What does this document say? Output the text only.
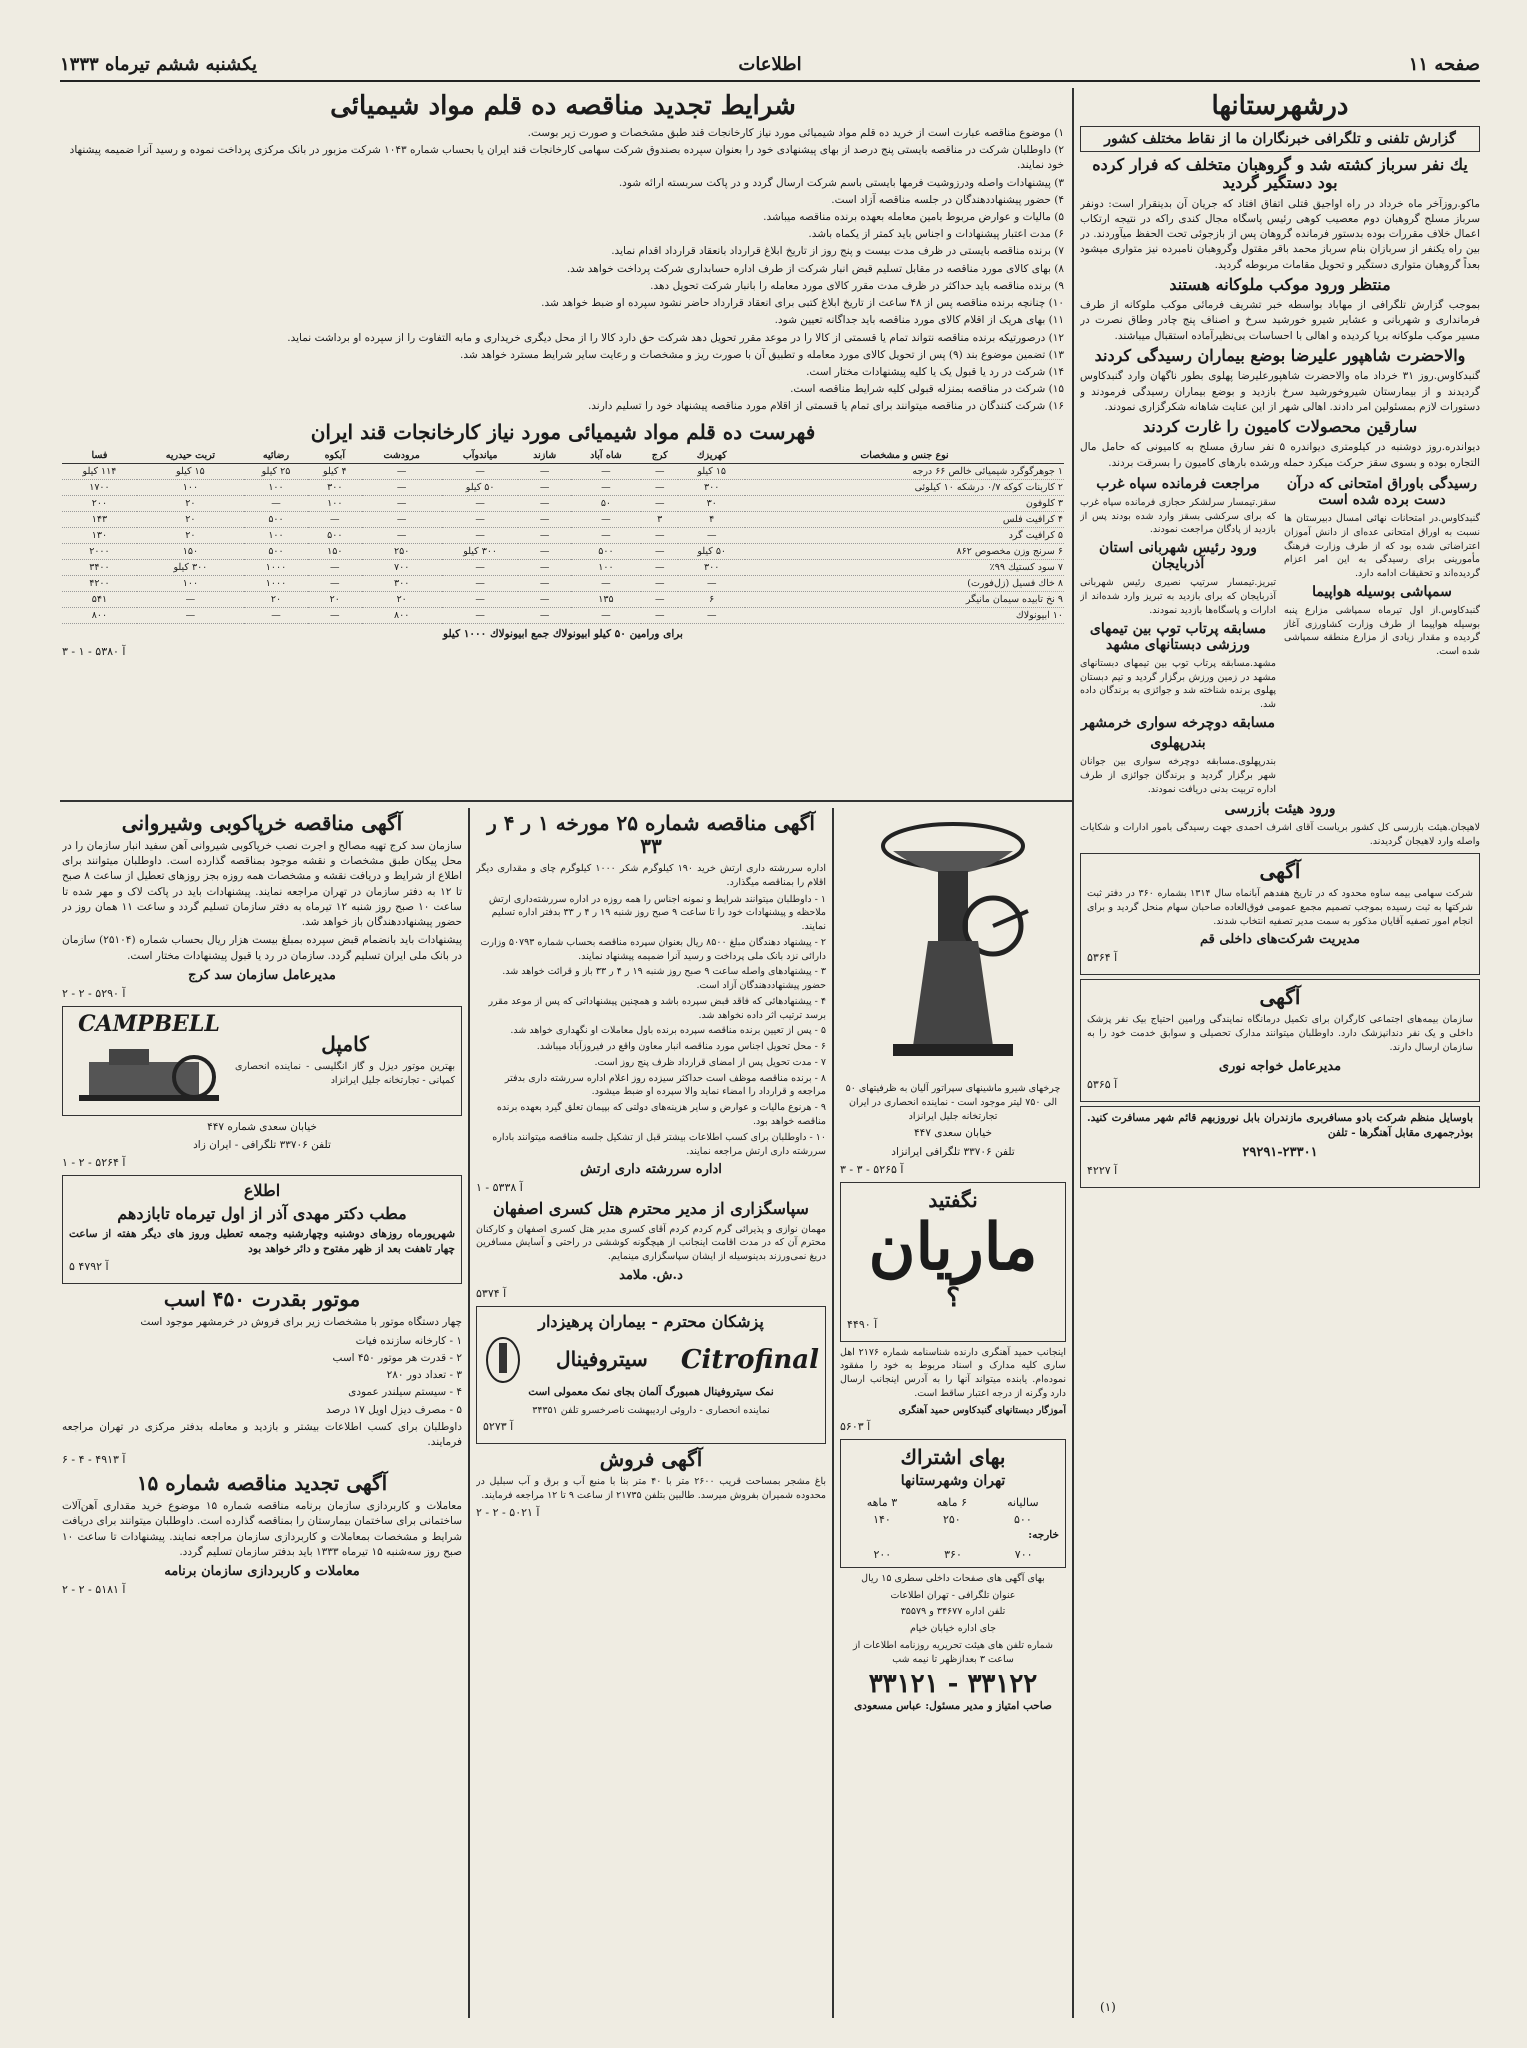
صفحه ۱۱
اطلاعات
یکشنبه ششم تیرماه ۱۳۳۳
درشهرستانها
گزارش تلفنی و تلگرافی خبرنگاران ما از نقاط مختلف کشور
یك نفر سرباز کشته شد و گروهبان متخلف که فرار کرده بود دستگیر گردید

ماکو.روزآخر ماه خرداد در راه اواجیق قتلی اتفاق افتاد که جریان آن بدینقرار است: دونفر سرباز مسلح گروهبان دوم معصیب کوهی رئیس پاسگاه مجال کندی راکه در نتیجه ارتکاب اعمال خلاف مقررات بوده بدستور فرمانده گروهان پس از بازجوئی تحت الحفظ میآوردند. در بین راه یکنفر از سربازان بنام سرباز محمد باقر مقتول وگروهبان نامبرده نیز متواری میشود بعداً گروهبان متواری دستگیر و تحویل مقامات مربوطه گردید.

منتظر ورود موکب ملوکانه هستند

بموجب گزارش تلگرافی از مهاباد بواسطه خبر تشریف فرمائی موکب ملوکانه از طرف فرمانداری و شهربانی و عشایر شیرو خورشید سرخ و اصناف پنج چادر وطاق نصرت در مسیر موکب ملوکانه برپا کردیده و اهالی با احساسات بی‌نظیرآماده استقبال میباشند.

والاحضرت شاهپور علیرضا بوضع بیماران رسیدگی کردند

گنبدکاوس.روز ۳۱ خرداد ماه والاحضرت شاهپورعلیرضا پهلوی بطور ناگهان وارد گنبدکاوس گردیدند و از بیمارستان شیروخورشید سرخ بازدید و بوضع بیماران رسیدگی فرمودند و دستورات لازم بمسئولین امر دادند. اهالی شهر از این عنایت شاهانه شکرگزاری نمودند.

سارقین محصولات کامیون را غارت کردند

دیواندره.روز دوشنبه در کیلومتری دیواندره ۵ نفر سارق مسلح به کامیونی که حامل مال التجاره بوده و بسوی سقز حرکت میکرد حمله ورشده بارهای کامیون را بسرقت بردند.

رسیدگی باوراق امتحانی که درآن دست برده شده است

گنبدکاوس.در امتحانات نهائی امسال دبیرستان ها نسبت به اوراق امتحانی عده‌ای از دانش آموزان اعتراضاتی شده بود که از طرف وزارت فرهنگ مأمورینی برای رسیدگی به این امر اعزام گردیده‌اند و تحقیقات ادامه دارد.

سمپاشی بوسیله هواپیما

گنبدکاوس.از اول تیرماه سمپاشی مزارع پنبه بوسیله هواپیما از طرف وزارت کشاورزی آغاز گردیده و مقدار زیادی از مزارع منطقه سمپاشی شده است.

مراجعت فرمانده سپاه غرب

سقز.تیمسار سرلشکر حجازی فرمانده سپاه غرب که برای سرکشی بسقز وارد شده بودند پس از بازدید از پادگان مراجعت نمودند.

ورود رئیس شهربانی استان آذربایجان

تبریز.تیمسار سرتیپ نصیری رئیس شهربانی آذربایجان که برای بازدید به تبریز وارد شده‌اند از ادارات و پاسگاه‌ها بازدید نمودند.

مسابقه پرتاب توپ بین تیمهای ورزشی دبستانهای مشهد

مشهد.مسابقه پرتاب توپ بین تیمهای دبستانهای مشهد در زمین ورزش برگزار گردید و تیم دبستان پهلوی برنده شناخته شد و جوائزی به برندگان داده شد.

مسابقه دوچرخه سواری خرمشهر
بندرپهلوی

بندرپهلوی.مسابقه دوچرخه سواری بین جوانان شهر برگزار گردید و برندگان جوائزی از طرف اداره تربیت بدنی دریافت نمودند.

ورود هیئت بازرسی

لاهیجان.هیئت بازرسی کل کشور بریاست آقای اشرف احمدی جهت رسیدگی بامور ادارات و شکایات واصله وارد لاهیجان گردیدند.

آگهی

شرکت سهامی بیمه ساوه محدود که در تاریخ هفدهم آبانماه سال ۱۳۱۴ بشماره ۳۶۰ در دفتر ثبت شرکتها به ثبت رسیده بموجب تصمیم مجمع عمومی فوق‌العاده صاحبان سهام منحل گردید و برای انجام امور تصفیه آقایان مذکور به سمت مدیر تصفیه انتخاب شدند.

مدیریت شرکت‌های داخلی قم
آ ۵۳۶۴
آگهی

سازمان بیمه‌های اجتماعی کارگران برای تکمیل درمانگاه نمایندگی ورامین احتیاج بیک نفر پزشک داخلی و یک نفر دندانپزشک دارد. داوطلبان میتوانند مدارک تحصیلی و سوابق خدمت خود را به سازمان ارسال دارند.

مدیرعامل خواجه نوری
آ ۵۳۶۵

باوسایل منظم شرکت بادو مسافربری مازندران بابل نوروزبهم قائم شهر مسافرت کنید. بوذرجمهری مقابل آهنگرها - تلفن

۲۹۲۹۱-۲۳۳۰۱
آ ۴۲۲۷
شرایط تجدید مناقصه ده قلم مواد شیمیائی
۱) موضوع مناقصه عبارت است از خرید ده قلم مواد شیمیائی مورد نیاز کارخانجات قند طبق مشخصات و صورت زیر بوست.
۲) داوطلبان شرکت در مناقصه بایستی پنج درصد از بهای پیشنهادی خود را بعنوان سپرده بصندوق شرکت سهامی کارخانجات قند ایران یا بحساب شماره ۱۰۴۳ شرکت مزبور در بانک مرکزی پرداخت نموده و رسید آنرا ضمیمه پیشنهاد خود نمایند.
۳) پیشنهادات واصله ودرزوشیت فرمها بایستی باسم شرکت ارسال گردد و در پاکت سربسته ارائه شود.
۴) حضور پیشنهاددهندگان در جلسه مناقصه آزاد است.
۵) مالیات و عوارض مربوط بامین معامله بعهده برنده مناقصه میباشد.
۶) مدت اعتبار پیشنهادات و اجناس باید کمتر از یکماه باشد.
۷) برنده مناقصه بایستی در ظرف مدت بیست و پنج روز از تاریخ ابلاغ قرارداد بانعقاد قرارداد اقدام نماید.
۸) بهای کالای مورد مناقصه در مقابل تسلیم قبض انبار شرکت از طرف اداره حسابداری شرکت پرداخت خواهد شد.
۹) برنده مناقصه باید حداکثر در ظرف مدت مقرر کالای مورد معامله را بانبار شرکت تحویل دهد.
۱۰) چنانچه برنده مناقصه پس از ۴۸ ساعت از تاریخ ابلاغ کتبی برای انعقاد قرارداد حاضر نشود سپرده او ضبط خواهد شد.
۱۱) بهای هریک از اقلام کالای مورد مناقصه باید جداگانه تعیین شود.
۱۲) درصورتیکه برنده مناقصه نتواند تمام یا قسمتی از کالا را در موعد مقرر تحویل دهد شرکت حق دارد کالا را از محل دیگری خریداری و مابه التفاوت را از سپرده او برداشت نماید.
۱۳) تضمین موضوع بند (۹) پس از تحویل کالای مورد معامله و تطبیق آن با صورت ریز و مشخصات و رعایت سایر شرایط مسترد خواهد شد.
۱۴) شرکت در رد یا قبول یک یا کلیه پیشنهادات مختار است.
۱۵) شرکت در مناقصه بمنزله قبولی کلیه شرایط مناقصه است.
۱۶) شرکت کنندگان در مناقصه میتوانند برای تمام یا قسمتی از اقلام مورد مناقصه پیشنهاد خود را تسلیم دارند.
فهرست ده قلم مواد شیمیائی مورد نیاز کارخانجات قند ایران
نوع جنس و مشخصات	کهریزك	کرج	شاه آباد	شازند	میاندوآب	مرودشت	آبکوه	رضائیه	تربت حیدریه	فسا
۱ جوهرگوگرد شیمیائی خالص ۶۶ درجه	۱۵ کیلو	—	—	—	—	—	۴ کیلو	۲۵ کیلو	۱۵ کیلو	۱۱۴ کیلو
۲ کاربنات کوکه ۰/۷ درشکه ۱۰ کیلوئی	۳۰۰	—	—	—	۵۰ کیلو	—	۳۰۰	۱۰۰	۱۰۰	۱۷۰۰
۳ کلوفون	۳۰	—	۵۰	—	—	—	۱۰۰	—	۲۰	۲۰۰
۴ کرافیت فلس	۴	۳	—	—	—	—	—	۵۰۰	۲۰	۱۴۳
۵ کرافیت گرد	—	—	—	—	—	—	۵۰۰	۱۰۰	۲۰	۱۳۰
۶ سرنج وزن مخصوص ۸۶۲	۵۰ کیلو	—	۵۰۰	—	۳۰۰ کیلو	۲۵۰	۱۵۰	۵۰۰	۱۵۰	۲۰۰۰
۷ سود کستیك ۹۹٪	۳۰۰	—	۱۰۰	—	—	۷۰۰	—	۱۰۰۰	۳۰۰ کیلو	۳۴۰۰
۸ خاك فسیل (زل‌فورت)	—	—	—	—	—	۳۰۰	—	۱۰۰۰	۱۰۰	۴۲۰۰
۹ نخ تابیده سیمان مانیگر	۶	—	۱۳۵	—	—	۲۰	۲۰	۲۰	—	۵۴۱
۱۰ ابیونولاك	—	—	—	—	—	۸۰۰	—	—	—	۸۰۰
برای ورامین ۵۰ کیلو ابیونولاك جمع ابیونولاك ۱۰۰۰ کیلو
آ ۵۳۸۰ - ۱ - ۳
آگهی مناقصه خرپاکوبی وشیروانی

سازمان سد کرج تهیه مصالح و اجرت نصب خرپاکوبی شیروانی آهن سفید انبار سازمان را در محل پیکان طبق مشخصات و نقشه موجود بمناقصه گذارده است. داوطلبان میتوانند برای اطلاع از شرایط و دریافت نقشه و مشخصات همه روزه بجز روزهای تعطیل از ساعت ۸ صبح تا ۱۲ به دفتر سازمان در تهران مراجعه نمایند. پیشنهادات باید در پاکت لاک و مهر شده تا ساعت ۱۰ صبح روز شنبه ۱۲ تیرماه به دفتر سازمان تسلیم گردد و ساعت ۱۱ همان روز در حضور پیشنهاددهندگان باز خواهد شد.

پیشنهادات باید بانضمام قبض سپرده بمبلغ بیست هزار ریال بحساب شماره (۲۵۱۰۴) سازمان در بانک ملی ایران تسلیم گردد. سازمان در رد یا قبول پیشنهادات مختار است.

مدیرعامل سازمان سد کرج
آ ۵۲۹۰ - ۲ - ۲
کامپل

بهترین موتور دیزل و گاز انگلیسی - نماینده انحصاری کمپانی - تجارتخانه جلیل ایرانزاد

CAMPBELL
خیابان سعدی شماره ۴۴۷
تلفن ۳۳۷۰۶ تلگرافی - ایران زاد
آ ۵۲۶۴ - ۲ - ۱
اطلاع
مطب دکتر مهدی آذر از اول تیرماه تابازدهم

شهریورماه روزهای دوشنبه وچهارشنبه وجمعه تعطیل وروز های دیگر هفته از ساعت چهار تاهفت بعد از ظهر مفتوح و دائر خواهد بود

آ ۴۷۹۲ ۵
موتور بقدرت ۴۵۰ اسب

چهار دستگاه موتور با مشخصات زیر برای فروش در خرمشهر موجود است

۱ - کارخانه سازنده فیات
۲ - قدرت هر موتور ۴۵۰ اسب
۳ - تعداد دور ۲۸۰
۴ - سیستم سیلندر عمودی
۵ - مصرف دیزل اویل ۱۷ درصد

داوطلبان برای کسب اطلاعات بیشتر و بازدید و معامله بدفتر مرکزی در تهران مراجعه فرمایند.

آ ۴۹۱۳ - ۴ - ۶
آگهی تجدید مناقصه شماره ۱۵

معاملات و کاربردازی سازمان برنامه مناقصه شماره ۱۵ موضوع خرید مقداری آهن‌آلات ساختمانی برای ساختمان بیمارستان را بمناقصه گذارده است. داوطلبان میتوانند برای دریافت شرایط و مشخصات بمعاملات و کاربردازی سازمان مراجعه نمایند. پیشنهادات تا ساعت ۱۰ صبح روز سه‌شنبه ۱۵ تیرماه ۱۳۳۳ باید بدفتر سازمان تسلیم گردد.

معاملات و کاربردازی سازمان برنامه
آ ۵۱۸۱ - ۲ - ۲
آگهی مناقصه شماره ۲۵ مورخه ۱ ر ۴ ر ۳۳

اداره سررشته داری ارتش خرید ۱۹۰ کیلوگرم شکر ۱۰۰۰ کیلوگرم چای و مقداری دیگر اقلام را بمناقصه میگذارد.

۱ - داوطلبان میتوانند شرایط و نمونه اجناس را همه روزه در اداره سررشته‌داری ارتش ملاحظه و پیشنهادات خود را تا ساعت ۹ صبح روز شنبه ۱۹ ر ۴ ر ۳۳ بدفتر اداره تسلیم نمایند.
۲ - پیشنهاد دهندگان مبلغ ۸۵۰۰ ریال بعنوان سپرده مناقصه بحساب شماره ۵۰۷۹۳ وزارت دارائی نزد بانک ملی پرداخت و رسید آنرا ضمیمه پیشنهاد نمایند.
۳ - پیشنهادهای واصله ساعت ۹ صبح روز شنبه ۱۹ ر ۴ ر ۳۳ باز و قرائت خواهد شد. حضور پیشنهاددهندگان آزاد است.
۴ - پیشنهادهائی که فاقد قبض سپرده باشد و همچنین پیشنهاداتی که پس از موعد مقرر برسد ترتیب اثر داده نخواهد شد.
۵ - پس از تعیین برنده مناقصه سپرده برنده باول معاملات او نگهداری خواهد شد.
۶ - محل تحویل اجناس مورد مناقصه انبار معاون واقع در فیروزآباد میباشد.
۷ - مدت تحویل پس از امضای قرارداد ظرف پنج روز است.
۸ - برنده مناقصه موظف است حداکثر سیزده روز اعلام اداره سررشته داری بدفتر مراجعه و قرارداد را امضاء نماید والا سپرده او ضبط میشود.
۹ - هرنوع مالیات و عوارض و سایر هزینه‌های دولتی که بپیمان تعلق گیرد بعهده برنده مناقصه خواهد بود.
۱۰ - داوطلبان برای کسب اطلاعات بیشتر قبل از تشکیل جلسه مناقصه میتوانند باداره سررشته داری ارتش مراجعه نمایند.
اداره سررشته داری ارتش
آ ۵۳۳۸ - ۱
سپاسگزاری از مدیر محترم هتل کسری اصفهان

مهمان نوازی و پذیرائی گرم کردم کردم آقای کسری مدیر هتل کسری اصفهان و کارکنان محترم آن که در مدت اقامت اینجانب از هیچگونه کوششی در راحتی و آسایش مسافرین دریغ نمی‌ورزند بدینوسیله از ایشان سپاسگزاری مینمایم.

د.ش. ملامد
آ ۵۳۷۴
پزشکان محترم - بیماران پرهیزدار
Citrofinal
سیتروفینال

نمک سیتروفینال همبورگ آلمان بجای نمک معمولی است

نماینده انحصاری - داروئی اردیبهشت ناصرخسرو تلفن ۳۴۳۵۱

آ ۵۲۷۳
آگهی فروش

باغ مشجر بمساحت قریب ۲۶۰۰ متر با ۴۰ متر بنا با منبع آب و برق و آب سبلیل در محدوده شمیران بفروش میرسد. طالبین بتلفن ۲۱۷۳۵ از ساعت ۹ تا ۱۲ مراجعه فرمایند.

آ ۵۰۲۱ - ۲ - ۲

چرخهای شیرو ماشینهای سپراتور آلیان به ظرفیتهای ۵۰ الی ۷۵۰ لیتر موجود است - نماینده انحصاری در ایران تجارتخانه جلیل ایرانزاد

خیابان سعدی ۴۴۷
تلفن ۳۳۷۰۶ تلگرافی ایرانزاد
آ ۵۲۶۵ - ۳ - ۳
نگفتید
ماریان
؟
آ ۴۴۹۰

اینجانب حمید آهنگری دارنده شناسنامه شماره ۲۱۷۶ اهل ساری کلیه مدارک و اسناد مربوط به خود را مفقود نموده‌ام. یابنده میتواند آنها را به آدرس اینجانب ارسال دارد وگرنه از درجه اعتبار ساقط است.

آموزگار دبستانهای گنبدکاوس حمید آهنگری
آ ۵۶۰۳
بهای اشتراك
تهران وشهرستانها
ساليانه	۶ ماهه	۳ ماهه
۵۰۰	۲۵۰	۱۴۰
خارجه:
۷۰۰	۳۶۰	۲۰۰

بهای آگهی های صفحات داخلی سطری ۱۵ ریال

عنوان تلگرافی - تهران اطلاعات

تلفن اداره ۳۴۶۷۷ و ۳۵۵۷۹

جای اداره خیابان خیام

شماره تلفن های هیئت تحریریه روزنامه اطلاعات از ساعت ۳ بعدازظهر تا نیمه شب

۳۳۱۲۱ - ۳۳۱۲۲
صاحب امتیاز و مدیر مسئول: عباس مسعودی
(۱)
